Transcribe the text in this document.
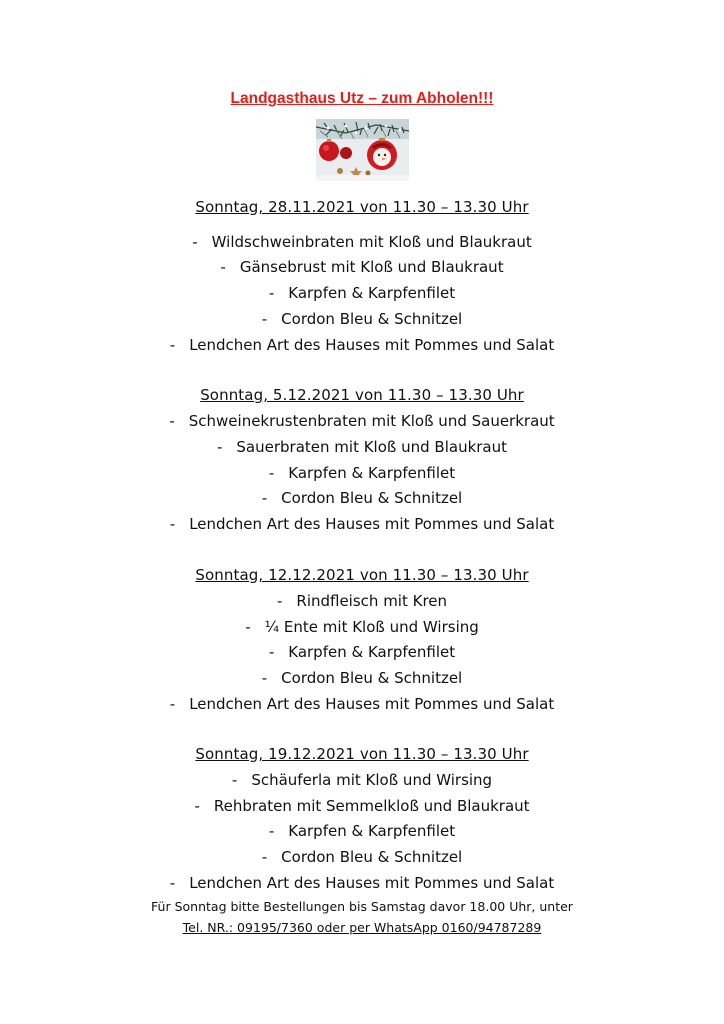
Landgasthaus Utz – zum Abholen!!!
Sonntag, 28.11.2021 von 11.30 – 13.30 Uhr
- Wildschweinbraten mit Kloß und Blaukraut
- Gänsebrust mit Kloß und Blaukraut
- Karpfen & Karpfenfilet
- Cordon Bleu & Schnitzel
- Lendchen Art des Hauses mit Pommes und Salat
Sonntag, 5.12.2021 von 11.30 – 13.30 Uhr
- Schweinekrustenbraten mit Kloß und Sauerkraut
- Sauerbraten mit Kloß und Blaukraut
- Karpfen & Karpfenfilet
- Cordon Bleu & Schnitzel
- Lendchen Art des Hauses mit Pommes und Salat
Sonntag, 12.12.2021 von 11.30 – 13.30 Uhr
- Rindfleisch mit Kren
- ¼ Ente mit Kloß und Wirsing
- Karpfen & Karpfenfilet
- Cordon Bleu & Schnitzel
- Lendchen Art des Hauses mit Pommes und Salat
Sonntag, 19.12.2021 von 11.30 – 13.30 Uhr
- Schäuferla mit Kloß und Wirsing
- Rehbraten mit Semmelkloß und Blaukraut
- Karpfen & Karpfenfilet
- Cordon Bleu & Schnitzel
- Lendchen Art des Hauses mit Pommes und Salat
Für Sonntag bitte Bestellungen bis Samstag davor 18.00 Uhr, unter
Tel. NR.: 09195/7360 oder per WhatsApp 0160/94787289
